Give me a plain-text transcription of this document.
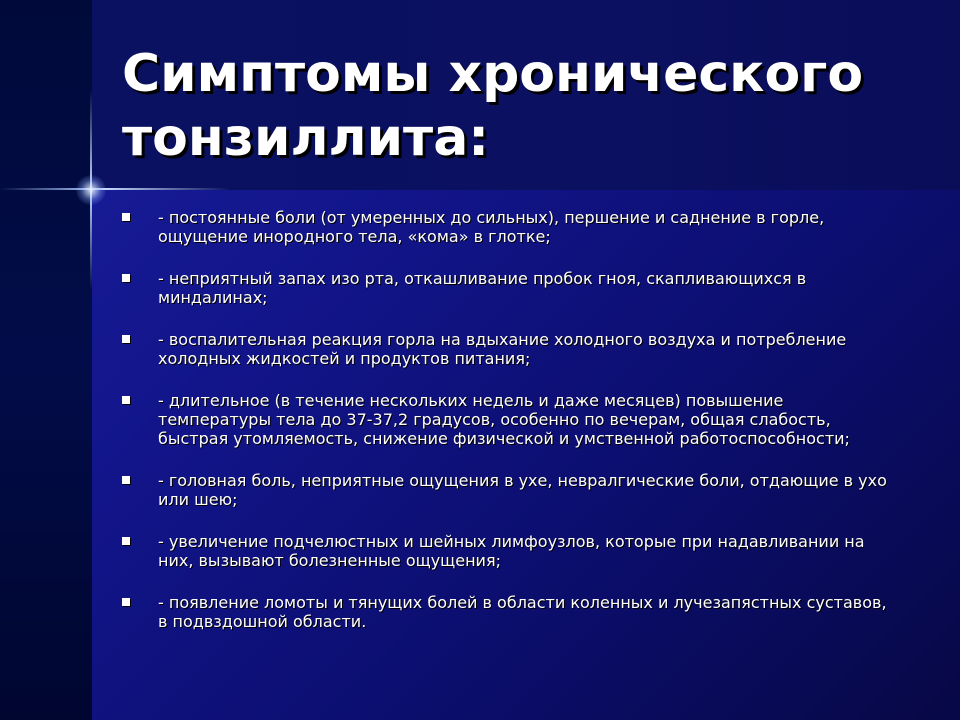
Симптомы хронического тонзиллита:
- постоянные боли (от умеренных до сильных), першение и саднение в горле, ощущение инородного тела, «кома» в глотке;
- неприятный запах изо рта, откашливание пробок гноя, скапливающихся в миндалинах;
- воспалительная реакция горла на вдыхание холодного воздуха и потребление холодных жидкостей и продуктов питания;
- длительное (в течение нескольких недель и даже месяцев) повышение температуры тела до 37-37,2 градусов, особенно по вечерам, общая слабость, быстрая утомляемость, снижение физической и умственной работоспособности;
- головная боль, неприятные ощущения в ухе, невралгические боли, отдающие в ухо или шею;
- увеличение подчелюстных и шейных лимфоузлов, которые при надавливании на них, вызывают болезненные ощущения;
- появление ломоты и тянущих болей в области коленных и лучезапястных суставов, в подвздошной области.
